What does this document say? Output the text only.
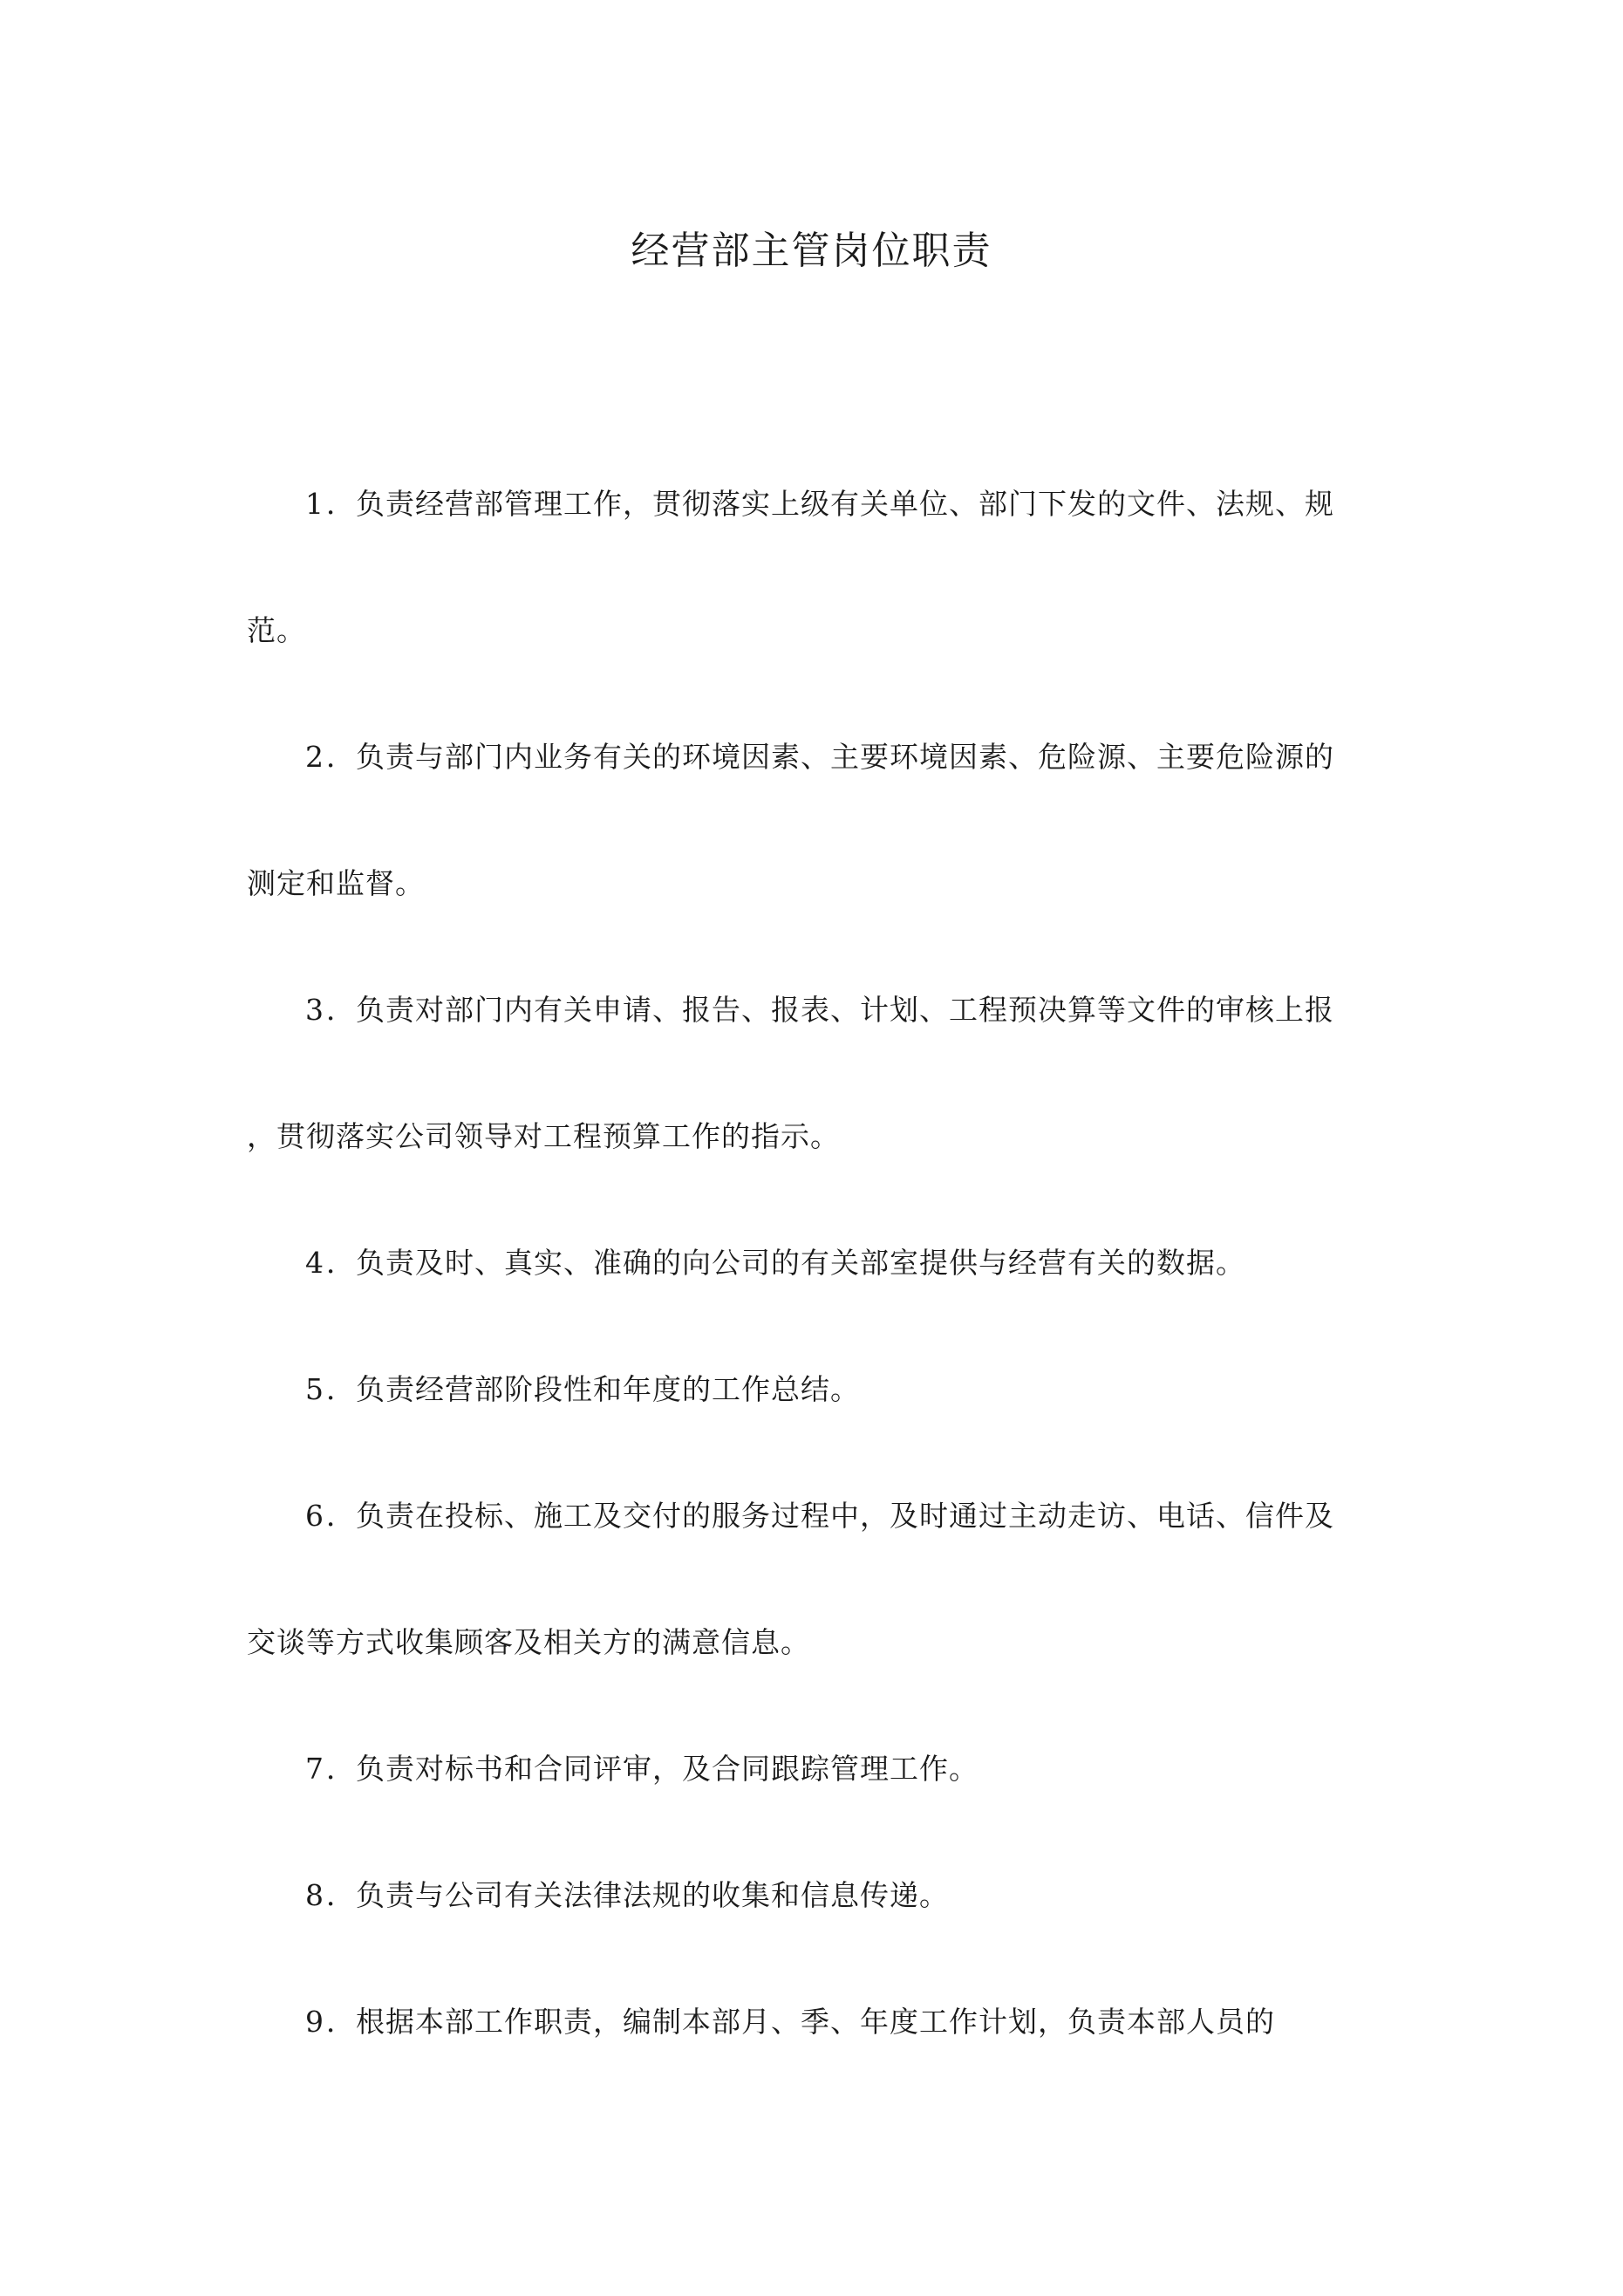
经营部主管岗位职责
1．负责经营部管理工作，贯彻落实上级有关单位、部门下发的文件、法规、规
范。
2．负责与部门内业务有关的环境因素、主要环境因素、危险源、主要危险源的
测定和监督。
3．负责对部门内有关申请、报告、报表、计划、工程预决算等文件的审核上报
，贯彻落实公司领导对工程预算工作的指示。
4．负责及时、真实、准确的向公司的有关部室提供与经营有关的数据。
5．负责经营部阶段性和年度的工作总结。
6．负责在投标、施工及交付的服务过程中，及时通过主动走访、电话、信件及
交谈等方式收集顾客及相关方的满意信息。
7．负责对标书和合同评审，及合同跟踪管理工作。
8．负责与公司有关法律法规的收集和信息传递。
9．根据本部工作职责，编制本部月、季、年度工作计划，负责本部人员的
